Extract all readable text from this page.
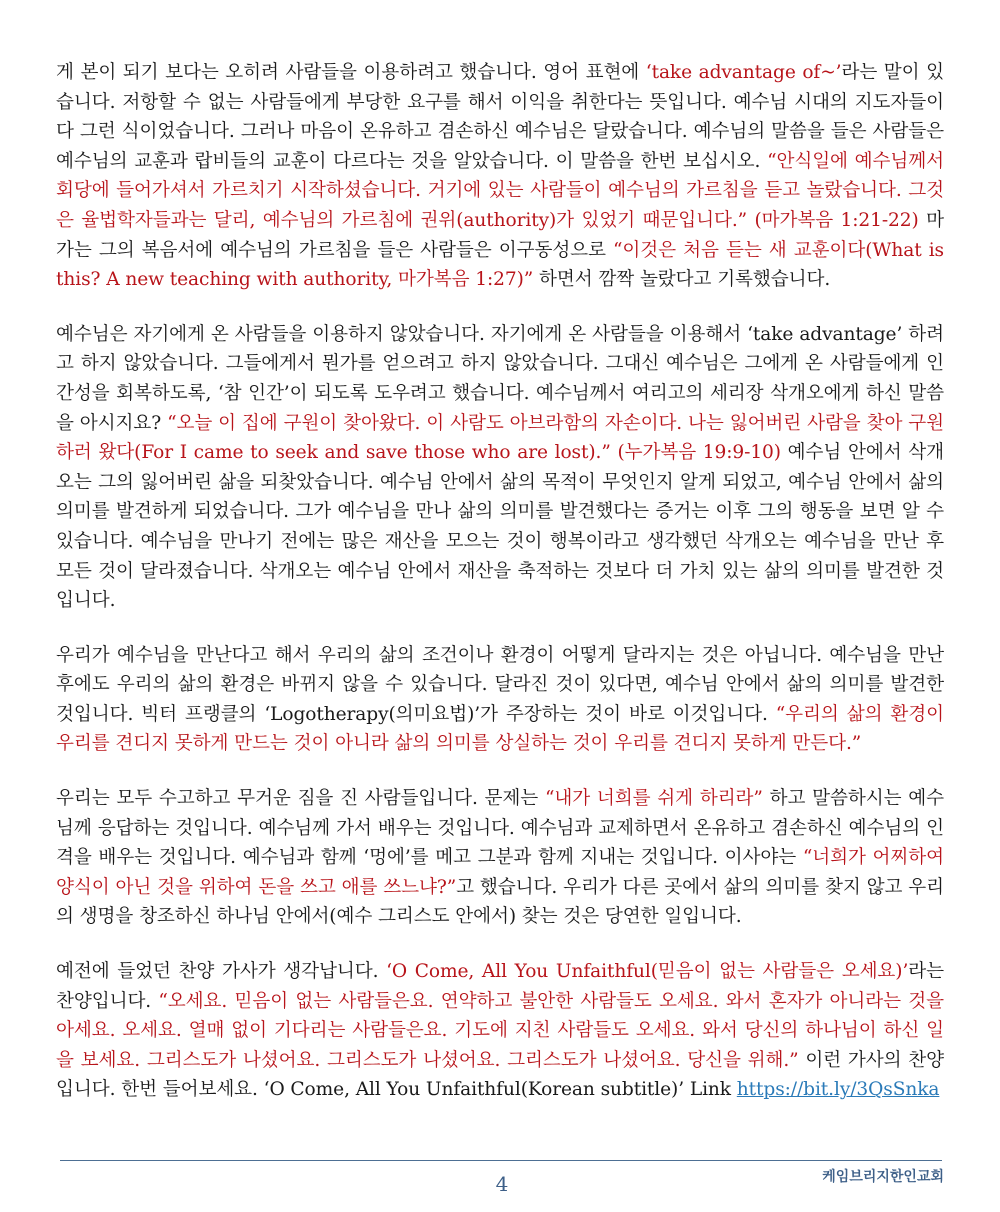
게 본이 되기 보다는 오히려 사람들을 이용하려고 했습니다. 영어 표현에 ‘take advantage of~’라는 말이 있습니다. 저항할 수 없는 사람들에게 부당한 요구를 해서 이익을 취한다는 뜻입니다. 예수님 시대의 지도자들이 다 그런 식이었습니다. 그러나 마음이 온유하고 겸손하신 예수님은 달랐습니다. 예수님의 말씀을 들은 사람들은 예수님의 교훈과 랍비들의 교훈이 다르다는 것을 알았습니다. 이 말씀을 한번 보십시오. “안식일에 예수님께서 회당에 들어가셔서 가르치기 시작하셨습니다. 거기에 있는 사람들이 예수님의 가르침을 듣고 놀랐습니다. 그것은 율법학자들과는 달리, 예수님의 가르침에 권위(authority)가 있었기 때문입니다.” (마가복음 1:21-22) 마가는 그의 복음서에 예수님의 가르침을 들은 사람들은 이구동성으로 “이것은 처음 듣는 새 교훈이다(What is this? A new teaching with authority, 마가복음 1:27)” 하면서 깜짝 놀랐다고 기록했습니다.

예수님은 자기에게 온 사람들을 이용하지 않았습니다. 자기에게 온 사람들을 이용해서 ‘take advantage’ 하려고 하지 않았습니다. 그들에게서 뭔가를 얻으려고 하지 않았습니다. 그대신 예수님은 그에게 온 사람들에게 인간성을 회복하도록, ‘참 인간’이 되도록 도우려고 했습니다. 예수님께서 여리고의 세리장 삭개오에게 하신 말씀을 아시지요? “오늘 이 집에 구원이 찾아왔다. 이 사람도 아브라함의 자손이다. 나는 잃어버린 사람을 찾아 구원하러 왔다(For I came to seek and save those who are lost).” (누가복음 19:9-10) 예수님 안에서 삭개오는 그의 잃어버린 삶을 되찾았습니다. 예수님 안에서 삶의 목적이 무엇인지 알게 되었고, 예수님 안에서 삶의 의미를 발견하게 되었습니다. 그가 예수님을 만나 삶의 의미를 발견했다는 증거는 이후 그의 행동을 보면 알 수 있습니다. 예수님을 만나기 전에는 많은 재산을 모으는 것이 행복이라고 생각했던 삭개오는 예수님을 만난 후 모든 것이 달라졌습니다. 삭개오는 예수님 안에서 재산을 축적하는 것보다 더 가치 있는 삶의 의미를 발견한 것입니다.

우리가 예수님을 만난다고 해서 우리의 삶의 조건이나 환경이 어떻게 달라지는 것은 아닙니다. 예수님을 만난 후에도 우리의 삶의 환경은 바뀌지 않을 수 있습니다. 달라진 것이 있다면, 예수님 안에서 삶의 의미를 발견한 것입니다. 빅터 프랭클의 ‘Logotherapy(의미요법)’가 주장하는 것이 바로 이것입니다. “우리의 삶의 환경이 우리를 견디지 못하게 만드는 것이 아니라 삶의 의미를 상실하는 것이 우리를 견디지 못하게 만든다.”

우리는 모두 수고하고 무거운 짐을 진 사람들입니다. 문제는 “내가 너희를 쉬게 하리라” 하고 말씀하시는 예수님께 응답하는 것입니다. 예수님께 가서 배우는 것입니다. 예수님과 교제하면서 온유하고 겸손하신 예수님의 인격을 배우는 것입니다. 예수님과 함께 ‘멍에’를 메고 그분과 함께 지내는 것입니다. 이사야는 “너희가 어찌하여 양식이 아닌 것을 위하여 돈을 쓰고 애를 쓰느냐?”고 했습니다. 우리가 다른 곳에서 삶의 의미를 찾지 않고 우리의 생명을 창조하신 하나님 안에서(예수 그리스도 안에서) 찾는 것은 당연한 일입니다.

예전에 들었던 찬양 가사가 생각납니다. ‘O Come, All You Unfaithful(믿음이 없는 사람들은 오세요)’라는 찬양입니다. “오세요. 믿음이 없는 사람들은요. 연약하고 불안한 사람들도 오세요. 와서 혼자가 아니라는 것을 아세요. 오세요. 열매 없이 기다리는 사람들은요. 기도에 지친 사람들도 오세요. 와서 당신의 하나님이 하신 일을 보세요. 그리스도가 나셨어요. 그리스도가 나셨어요. 그리스도가 나셨어요. 당신을 위해.” 이런 가사의 찬양입니다. 한번 들어보세요. ‘O Come, All You Unfaithful(Korean subtitle)’ Link https://bit.ly/3QsSnka

4	케임브리지한인교회
